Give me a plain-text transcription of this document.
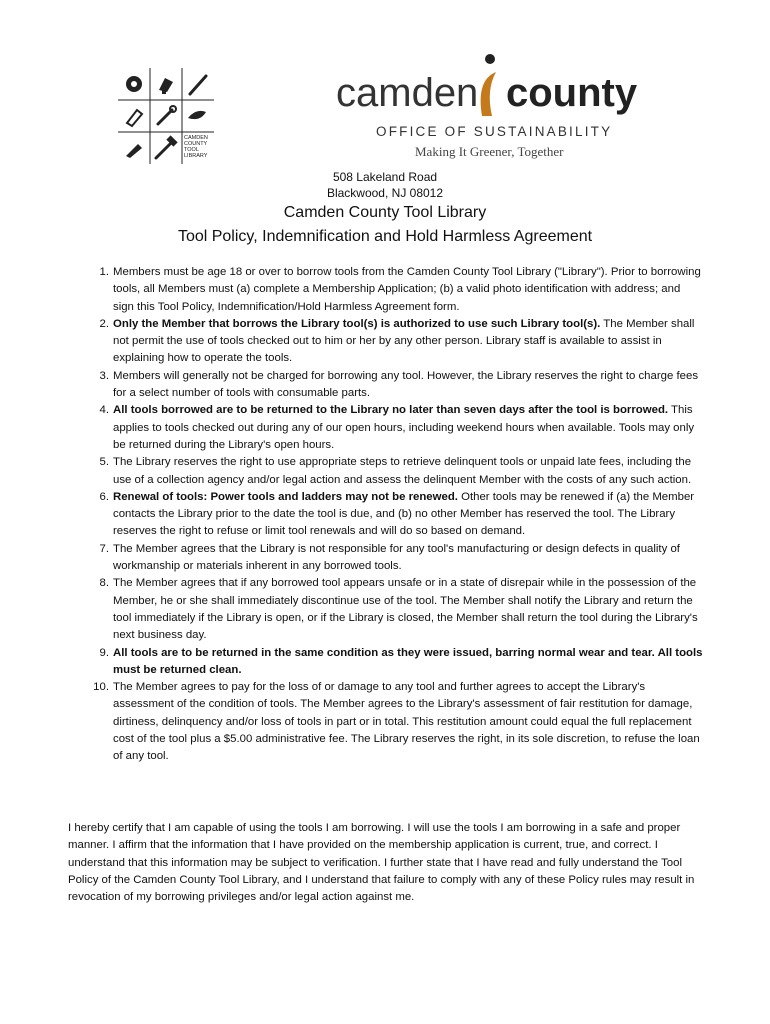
CAMDEN
COUNTY
TOOL
LIBRARY
camden county
OFFICE OF SUSTAINABILITY
Making It Greener, Together
508 Lakeland Road
Blackwood, NJ 08012
Camden County Tool Library
Tool Policy, Indemnification and Hold Harmless Agreement
1. Members must be age 18 or over to borrow tools from the Camden County Tool Library ("Library"). Prior to borrowing tools, all Members must (a) complete a Membership Application; (b) a valid photo identification with address; and sign this Tool Policy, Indemnification/Hold Harmless Agreement form.
2. Only the Member that borrows the Library tool(s) is authorized to use such Library tool(s). The Member shall not permit the use of tools checked out to him or her by any other person. Library staff is available to assist in explaining how to operate the tools.
3. Members will generally not be charged for borrowing any tool. However, the Library reserves the right to charge fees for a select number of tools with consumable parts.
4. All tools borrowed are to be returned to the Library no later than seven days after the tool is borrowed. This applies to tools checked out during any of our open hours, including weekend hours when available. Tools may only be returned during the Library's open hours.
5. The Library reserves the right to use appropriate steps to retrieve delinquent tools or unpaid late fees, including the use of a collection agency and/or legal action and assess the delinquent Member with the costs of any such action.
6. Renewal of tools: Power tools and ladders may not be renewed. Other tools may be renewed if (a) the Member contacts the Library prior to the date the tool is due, and (b) no other Member has reserved the tool. The Library reserves the right to refuse or limit tool renewals and will do so based on demand.
7. The Member agrees that the Library is not responsible for any tool's manufacturing or design defects in quality of workmanship or materials inherent in any borrowed tools.
8. The Member agrees that if any borrowed tool appears unsafe or in a state of disrepair while in the possession of the Member, he or she shall immediately discontinue use of the tool. The Member shall notify the Library and return the tool immediately if the Library is open, or if the Library is closed, the Member shall return the tool during the Library's next business day.
9. All tools are to be returned in the same condition as they were issued, barring normal wear and tear. All tools must be returned clean.
10. The Member agrees to pay for the loss of or damage to any tool and further agrees to accept the Library's assessment of the condition of tools. The Member agrees to the Library's assessment of fair restitution for damage, dirtiness, delinquency and/or loss of tools in part or in total. This restitution amount could equal the full replacement cost of the tool plus a $5.00 administrative fee. The Library reserves the right, in its sole discretion, to refuse the loan of any tool.

I hereby certify that I am capable of using the tools I am borrowing. I will use the tools I am borrowing in a safe and proper manner. I affirm that the information that I have provided on the membership application is current, true, and correct. I understand that this information may be subject to verification. I further state that I have read and fully understand the Tool Policy of the Camden County Tool Library, and I understand that failure to comply with any of these Policy rules may result in revocation of my borrowing privileges and/or legal action against me.
